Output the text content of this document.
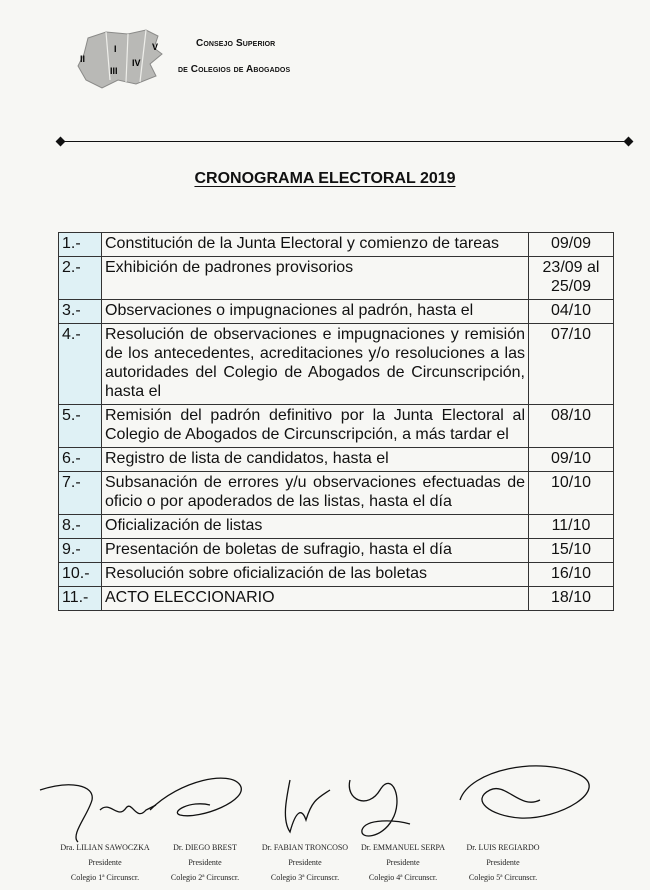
II
I
III
IV
V	Consejo Superior
de Colegios de Abogados
CRONOGRAMA ELECTORAL 2019
1.-	Constitución de la Junta Electoral y comienzo de tareas	09/09
2.-	Exhibición de padrones provisorios	23/09 al 25/09
3.-	Observaciones o impugnaciones al padrón, hasta el	04/10
4.-	Resolución de observaciones e impugnaciones y remisión de los antecedentes, acreditaciones y/o resoluciones a las autoridades del Colegio de Abogados de Circunscripción, hasta el	07/10
5.-	Remisión del padrón definitivo por la Junta Electoral al Colegio de Abogados de Circunscripción, a más tardar el	08/10
6.-	Registro de lista de candidatos, hasta el	09/10
7.-	Subsanación de errores y/u observaciones efectuadas de oficio o por apoderados de las listas, hasta el día	10/10
8.-	Oficialización de listas	11/10
9.-	Presentación de boletas de sufragio, hasta el día	15/10
10.-	Resolución sobre oficialización de las boletas	16/10
11.-	ACTO ELECCIONARIO	18/10
Dra. LILIAN SAWOCZKA
Presidente
Colegio 1ª Circunscr.
Dr. DIEGO BREST
Presidente
Colegio 2ª Circunscr.
Dr. FABIAN TRONCOSO
Presidente
Colegio 3ª Circunscr.
Dr. EMMANUEL SERPA
Presidente
Colegio 4ª Circunscr.
Dr. LUIS REGIARDO
Presidente
Colegio 5ª Circunscr.
